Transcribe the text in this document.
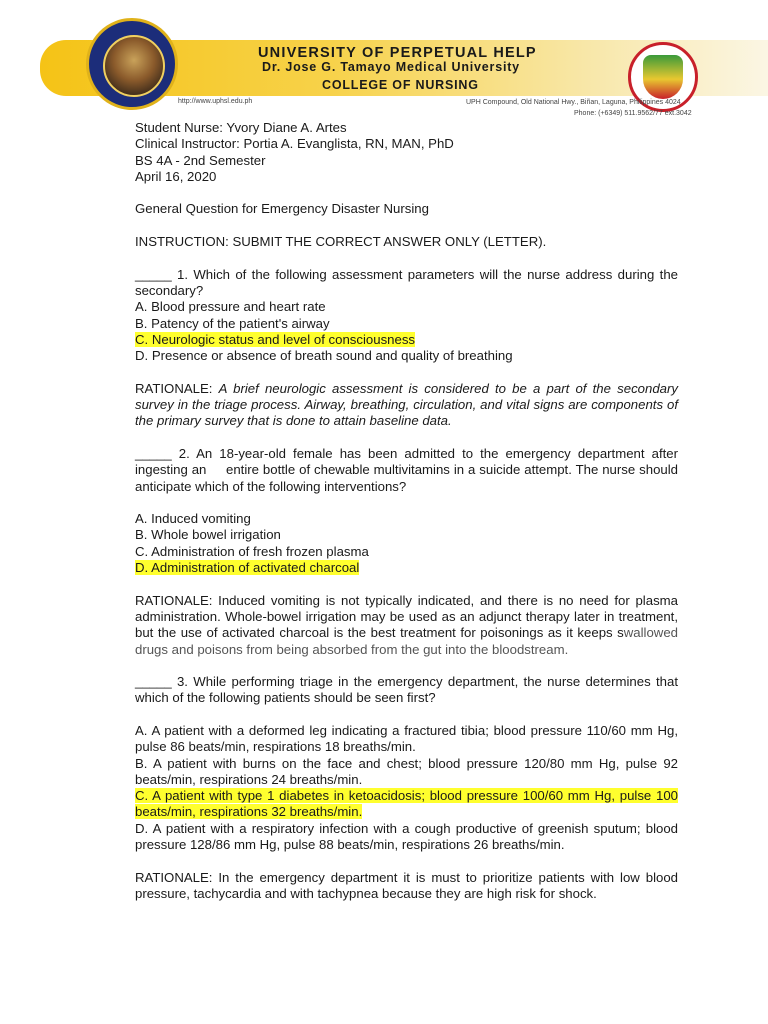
UNIVERSITY OF PERPETUAL HELP
Dr. Jose G. Tamayo Medical University
COLLEGE OF NURSING
http://www.uphsl.edu.ph	UPH Compound, Old National Hwy., Biñan, Laguna, Philippines 4024
Phone: (+6349) 511.9562/77 ext.3042

Student Nurse: Yvory Diane A. Artes

Clinical Instructor: Portia A. Evanglista, RN, MAN, PhD

BS 4A - 2nd Semester

April 16, 2020

General Question for Emergency Disaster Nursing

INSTRUCTION: SUBMIT THE CORRECT ANSWER ONLY (LETTER).

_____ 1. Which of the following assessment parameters will the nurse address during the secondary?

A. Blood pressure and heart rate

B. Patency of the patient's airway

C. Neurologic status and level of consciousness

D. Presence or absence of breath sound and quality of breathing

RATIONALE: A brief neurologic assessment is considered to be a part of the secondary survey in the triage process. Airway, breathing, circulation, and vital signs are components of the primary survey that is done to attain baseline data.

_____ 2. An 18-year-old female has been admitted to the emergency department after ingesting an     entire bottle of chewable multivitamins in a suicide attempt. The nurse should anticipate which of the following interventions?

A. Induced vomiting

B. Whole bowel irrigation

C. Administration of fresh frozen plasma

D. Administration of activated charcoal

RATIONALE: Induced vomiting is not typically indicated, and there is no need for plasma administration. Whole-bowel irrigation may be used as an adjunct therapy later in treatment, but the use of activated charcoal is the best treatment for poisonings as it keeps swallowed drugs and poisons from being absorbed from the gut into the bloodstream.

_____ 3. While performing triage in the emergency department, the nurse determines that which of the following patients should be seen first?

A. A patient with a deformed leg indicating a fractured tibia; blood pressure 110/60 mm Hg, pulse 86 beats/min, respirations 18 breaths/min.

B. A patient with burns on the face and chest; blood pressure 120/80 mm Hg, pulse 92 beats/min, respirations 24 breaths/min.

C. A patient with type 1 diabetes in ketoacidosis; blood pressure 100/60 mm Hg, pulse 100 beats/min, respirations 32 breaths/min.

D. A patient with a respiratory infection with a cough productive of greenish sputum; blood pressure 128/86 mm Hg, pulse 88 beats/min, respirations 26 breaths/min.

RATIONALE: In the emergency department it is must to prioritize patients with low blood pressure, tachycardia and with tachypnea because they are high risk for shock.
